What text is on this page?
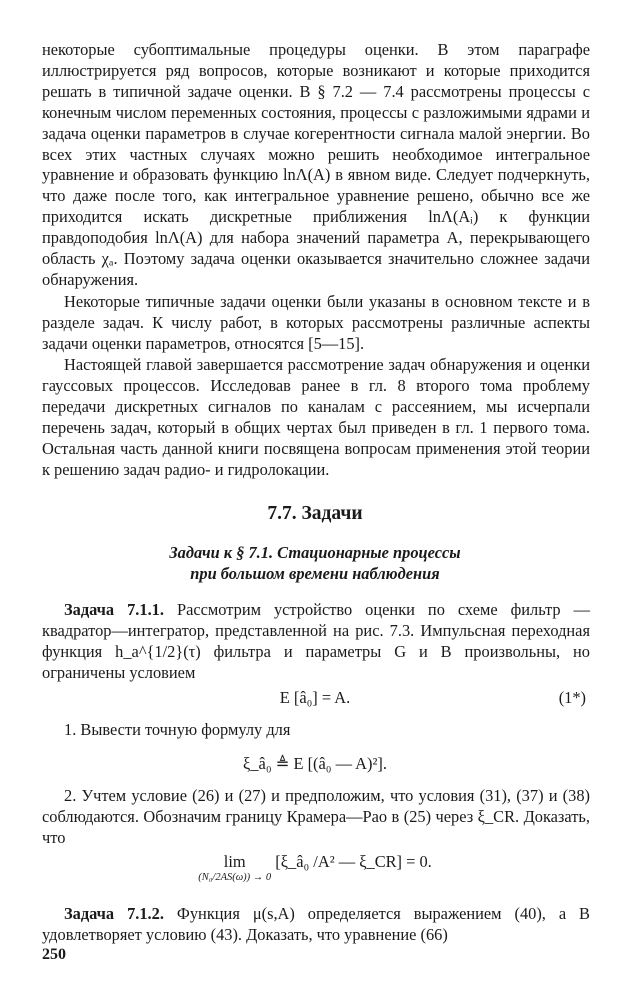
некоторые субоптимальные процедуры оценки. В этом параграфе иллюстрируется ряд вопросов, которые возникают и которые приходится решать в типичной задаче оценки. В § 7.2 — 7.4 рассмотрены процессы с конечным числом переменных состояния, процессы с разложимыми ядрами и задача оценки параметров в случае когерентности сигнала малой энергии. Во всех этих частных случаях можно решить необходимое интегральное уравнение и образовать функцию lnΛ(A) в явном виде. Следует подчеркнуть, что даже после того, как интегральное уравнение решено, обычно все же приходится искать дискретные приближения lnΛ(Aᵢ) к функции правдоподобия lnΛ(A) для набора значений параметра A, перекрывающего область χₐ. Поэтому задача оценки оказывается значительно сложнее задачи обнаружения.

Некоторые типичные задачи оценки были указаны в основном тексте и в разделе задач. К числу работ, в которых рассмотрены различные аспекты задачи оценки параметров, относятся [5—15].

Настоящей главой завершается рассмотрение задач обнаружения и оценки гауссовых процессов. Исследовав ранее в гл. 8 второго тома проблему передачи дискретных сигналов по каналам с рассеянием, мы исчерпали перечень задач, который в общих чертах был приведен в гл. 1 первого тома. Остальная часть данной книги посвящена вопросам применения этой теории к решению задач радио- и гидролокации.

7.7. Задачи
Задачи к § 7.1. Стационарные процессы
при большом времени наблюдения

Задача 7.1.1. Рассмотрим устройство оценки по схеме фильтр — квадратор—интегратор, представленной на рис. 7.3. Импульсная переходная функция h_a^{1/2}(τ) фильтра и параметры G и B произвольны, но ограничены условием

E [â₀] = A.	(1*)

1. Вывести точную формулу для

ξ_â₀ ≜ E [(â₀ — A)²].

2. Учтем условие (26) и (27) и предположим, что условия (31), (37) и (38) соблюдаются. Обозначим границу Крамера—Рао в (25) через ξ_CR. Доказать, что

lim
(N₀/2AS(ω)) → 0
[ξ_â₀ /A² — ξ_CR] = 0.

Задача 7.1.2. Функция μ(s,A) определяется выражением (40), а B удовлетворяет условию (43). Доказать, что уравнение (66)

250
